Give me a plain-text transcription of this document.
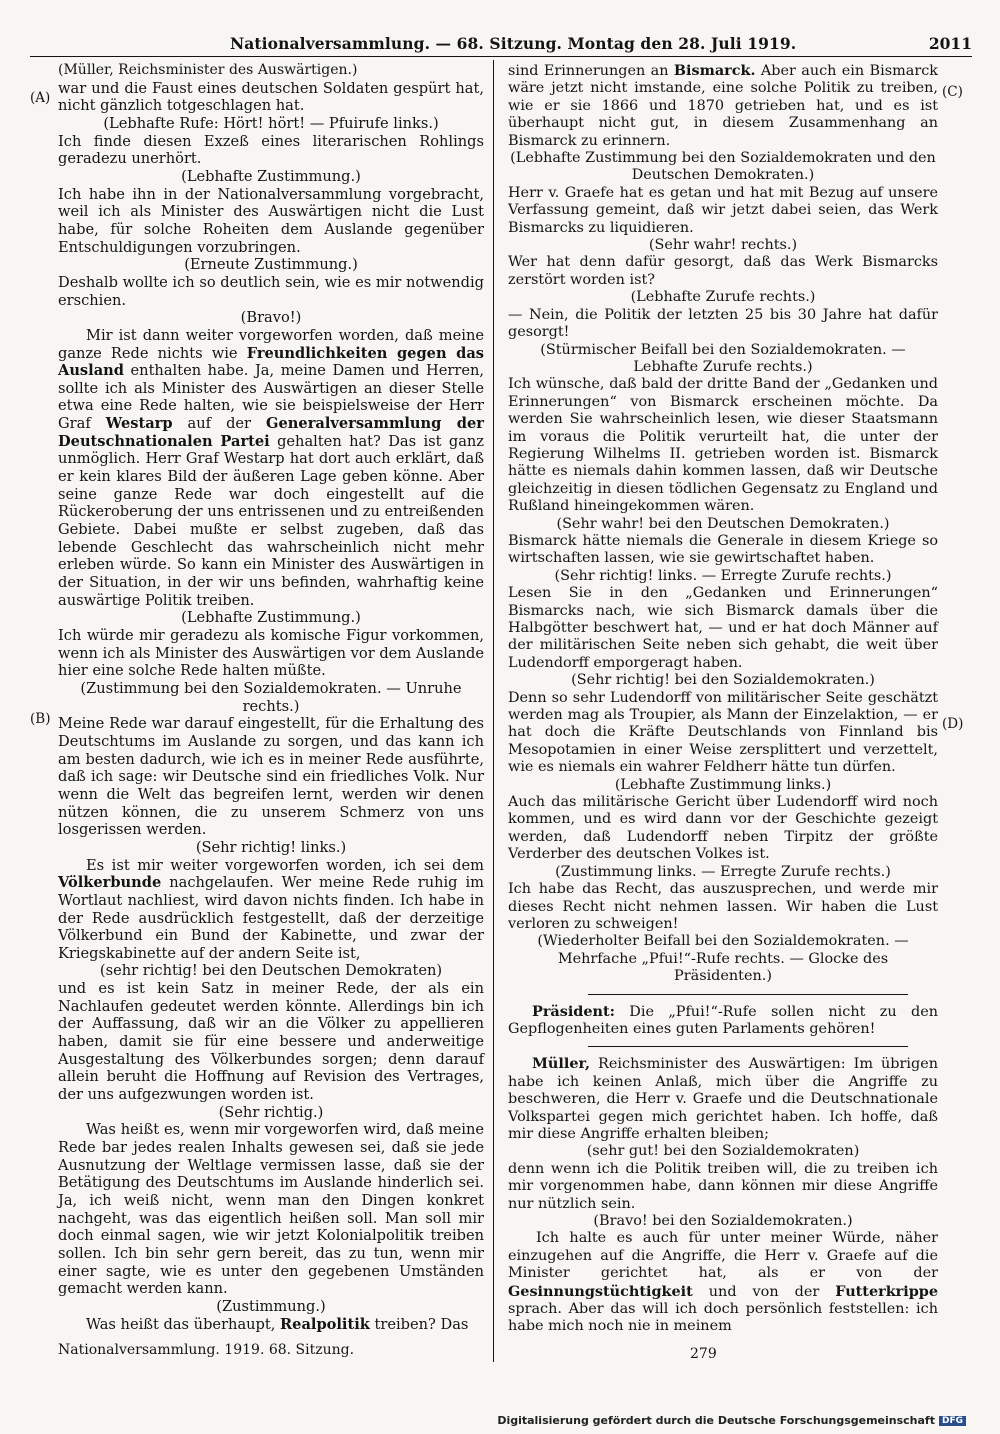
Nationalversammlung. — 68. Sitzung. Montag den 28. Juli 1919.	2011
(A)
(B)
(C)
(D)

(Müller, Reichsminister des Auswärtigen.)

war und die Faust eines deutschen Soldaten gespürt hat, nicht gänzlich totgeschlagen hat.

(Lebhafte Rufe: Hört! hört! — Pfuirufe links.)

Ich finde diesen Exzeß eines literarischen Rohlings geradezu unerhört.

(Lebhafte Zustimmung.)

Ich habe ihn in der Nationalversammlung vorgebracht, weil ich als Minister des Auswärtigen nicht die Lust habe, für solche Roheiten dem Auslande gegenüber Entschuldigungen vorzubringen.

(Erneute Zustimmung.)

Deshalb wollte ich so deutlich sein, wie es mir notwendig erschien.

(Bravo!)

Mir ist dann weiter vorgeworfen worden, daß meine ganze Rede nichts wie Freundlichkeiten gegen das Ausland enthalten habe. Ja, meine Damen und Herren, sollte ich als Minister des Auswärtigen an dieser Stelle etwa eine Rede halten, wie sie beispielsweise der Herr Graf Westarp auf der Generalversammlung der Deutschnationalen Partei gehalten hat? Das ist ganz unmöglich. Herr Graf Westarp hat dort auch erklärt, daß er kein klares Bild der äußeren Lage geben könne. Aber seine ganze Rede war doch eingestellt auf die Rückeroberung der uns entrissenen und zu entreißenden Gebiete. Dabei mußte er selbst zugeben, daß das lebende Geschlecht das wahrscheinlich nicht mehr erleben würde. So kann ein Minister des Auswärtigen in der Situation, in der wir uns befinden, wahrhaftig keine auswärtige Politik treiben.

(Lebhafte Zustimmung.)

Ich würde mir geradezu als komische Figur vorkommen, wenn ich als Minister des Auswärtigen vor dem Auslande hier eine solche Rede halten müßte.

(Zustimmung bei den Sozialdemokraten. — Unruhe rechts.)

Meine Rede war darauf eingestellt, für die Erhaltung des Deutschtums im Auslande zu sorgen, und das kann ich am besten dadurch, wie ich es in meiner Rede ausführte, daß ich sage: wir Deutsche sind ein friedliches Volk. Nur wenn die Welt das begreifen lernt, werden wir denen nützen können, die zu unserem Schmerz von uns losgerissen werden.

(Sehr richtig! links.)

Es ist mir weiter vorgeworfen worden, ich sei dem Völkerbunde nachgelaufen. Wer meine Rede ruhig im Wortlaut nachliest, wird davon nichts finden. Ich habe in der Rede ausdrücklich festgestellt, daß der derzeitige Völkerbund ein Bund der Kabinette, und zwar der Kriegskabinette auf der andern Seite ist,

(sehr richtig! bei den Deutschen Demokraten)

und es ist kein Satz in meiner Rede, der als ein Nachlaufen gedeutet werden könnte. Allerdings bin ich der Auffassung, daß wir an die Völker zu appellieren haben, damit sie für eine bessere und anderweitige Ausgestaltung des Völkerbundes sorgen; denn darauf allein beruht die Hoffnung auf Revision des Vertrages, der uns aufgezwungen worden ist.

(Sehr richtig.)

Was heißt es, wenn mir vorgeworfen wird, daß meine Rede bar jedes realen Inhalts gewesen sei, daß sie jede Ausnutzung der Weltlage vermissen lasse, daß sie der Betätigung des Deutschtums im Auslande hinderlich sei. Ja, ich weiß nicht, wenn man den Dingen konkret nachgeht, was das eigentlich heißen soll. Man soll mir doch einmal sagen, wie wir jetzt Kolonialpolitik treiben sollen. Ich bin sehr gern bereit, das zu tun, wenn mir einer sagte, wie es unter den gegebenen Umständen gemacht werden kann.

(Zustimmung.)

Was heißt das überhaupt, Realpolitik treiben? Das

sind Erinnerungen an Bismarck. Aber auch ein Bismarck wäre jetzt nicht imstande, eine solche Politik zu treiben, wie er sie 1866 und 1870 getrieben hat, und es ist überhaupt nicht gut, in diesem Zusammenhang an Bismarck zu erinnern.

(Lebhafte Zustimmung bei den Sozialdemokraten und den Deutschen Demokraten.)

Herr v. Graefe hat es getan und hat mit Bezug auf unsere Verfassung gemeint, daß wir jetzt dabei seien, das Werk Bismarcks zu liquidieren.

(Sehr wahr! rechts.)

Wer hat denn dafür gesorgt, daß das Werk Bismarcks zerstört worden ist?

(Lebhafte Zurufe rechts.)

— Nein, die Politik der letzten 25 bis 30 Jahre hat dafür gesorgt!

(Stürmischer Beifall bei den Sozialdemokraten. — Lebhafte Zurufe rechts.)

Ich wünsche, daß bald der dritte Band der „Gedanken und Erinnerungen“ von Bismarck erscheinen möchte. Da werden Sie wahrscheinlich lesen, wie dieser Staatsmann im voraus die Politik verurteilt hat, die unter der Regierung Wilhelms II. getrieben worden ist. Bismarck hätte es niemals dahin kommen lassen, daß wir Deutsche gleichzeitig in diesen tödlichen Gegensatz zu England und Rußland hineingekommen wären.

(Sehr wahr! bei den Deutschen Demokraten.)

Bismarck hätte niemals die Generale in diesem Kriege so wirtschaften lassen, wie sie gewirtschaftet haben.

(Sehr richtig! links. — Erregte Zurufe rechts.)

Lesen Sie in den „Gedanken und Erinnerungen“ Bismarcks nach, wie sich Bismarck damals über die Halbgötter beschwert hat, — und er hat doch Männer auf der militärischen Seite neben sich gehabt, die weit über Ludendorff emporgeragt haben.

(Sehr richtig! bei den Sozialdemokraten.)

Denn so sehr Ludendorff von militärischer Seite geschätzt werden mag als Troupier, als Mann der Einzelaktion, — er hat doch die Kräfte Deutschlands von Finnland bis Mesopotamien in einer Weise zersplittert und verzettelt, wie es niemals ein wahrer Feldherr hätte tun dürfen.

(Lebhafte Zustimmung links.)

Auch das militärische Gericht über Ludendorff wird noch kommen, und es wird dann vor der Geschichte gezeigt werden, daß Ludendorff neben Tirpitz der größte Verderber des deutschen Volkes ist.

(Zustimmung links. — Erregte Zurufe rechts.)

Ich habe das Recht, das auszusprechen, und werde mir dieses Recht nicht nehmen lassen. Wir haben die Lust verloren zu schweigen!

(Wiederholter Beifall bei den Sozialdemokraten. — Mehrfache „Pfui!“-Rufe rechts. — Glocke des Präsidenten.)

Präsident: Die „Pfui!“-Rufe sollen nicht zu den Gepflogenheiten eines guten Parlaments gehören!

Müller, Reichsminister des Auswärtigen: Im übrigen habe ich keinen Anlaß, mich über die Angriffe zu beschweren, die Herr v. Graefe und die Deutschnationale Volkspartei gegen mich gerichtet haben. Ich hoffe, daß mir diese Angriffe erhalten bleiben;

(sehr gut! bei den Sozialdemokraten)

denn wenn ich die Politik treiben will, die zu treiben ich mir vorgenommen habe, dann können mir diese Angriffe nur nützlich sein.

(Bravo! bei den Sozialdemokraten.)

Ich halte es auch für unter meiner Würde, näher einzugehen auf die Angriffe, die Herr v. Graefe auf die Minister gerichtet hat, als er von der Gesinnungstüchtigkeit und von der Futterkrippe sprach. Aber das will ich doch persönlich feststellen: ich habe mich noch nie in meinem

Nationalversammlung. 1919. 68. Sitzung.	279
Digitalisierung gefördert durch die Deutsche Forschungsgemeinschaft DFG
